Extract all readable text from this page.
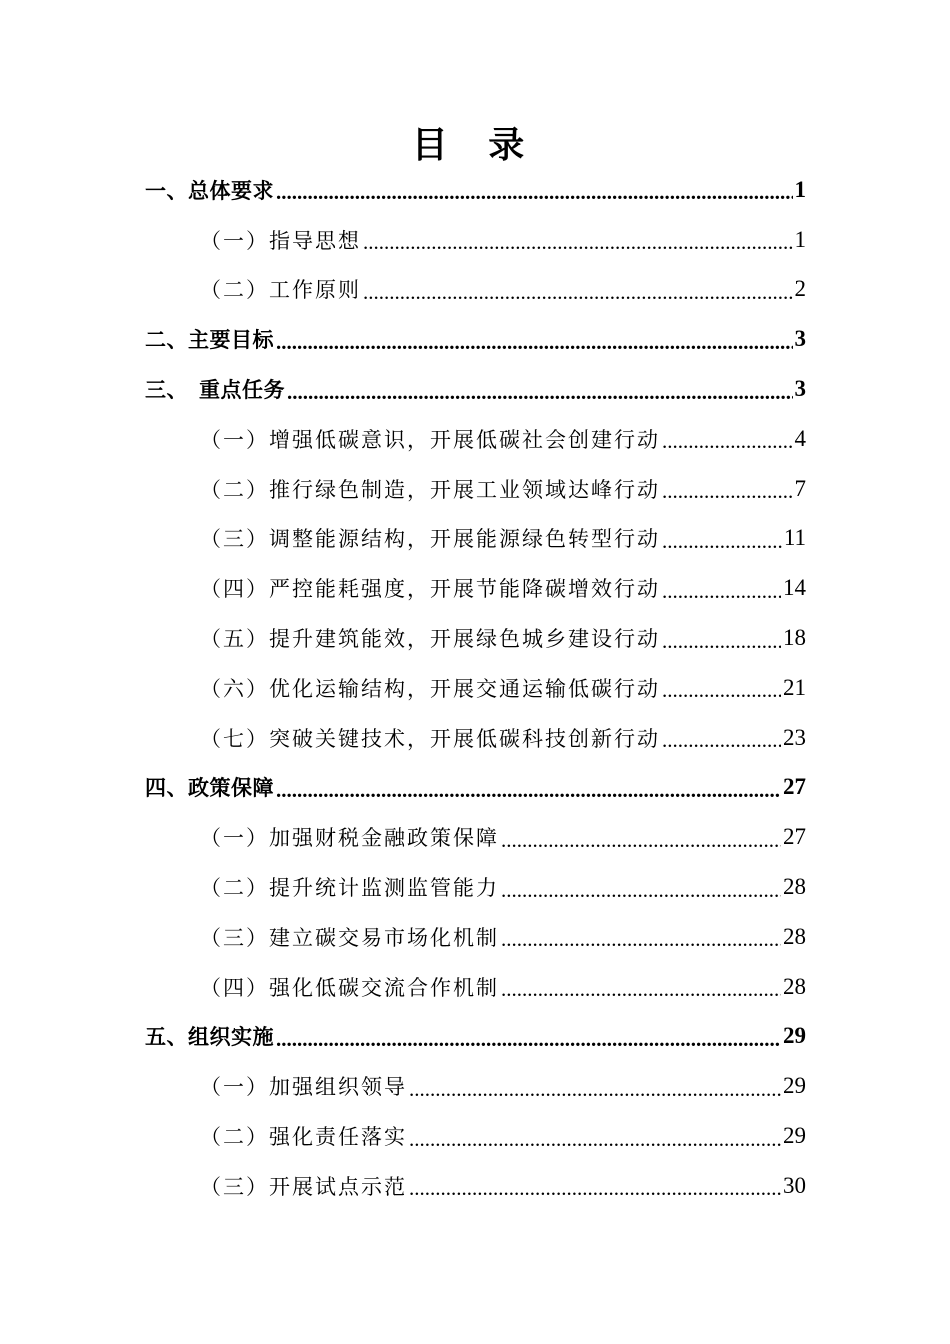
目 录
一、总体要求 .....	1
（一）指导思想 .....	1
（二）工作原则 .....	2
二、主要目标 .....	3
三、　重点任务 .....	3
（一）增强低碳意识，开展低碳社会创建行动 .....	4
（二）推行绿色制造，开展工业领域达峰行动 .....	7
（三）调整能源结构，开展能源绿色转型行动 .....	11
（四）严控能耗强度，开展节能降碳增效行动 .....	14
（五）提升建筑能效，开展绿色城乡建设行动 .....	18
（六）优化运输结构，开展交通运输低碳行动 .....	21
（七）突破关键技术，开展低碳科技创新行动 .....	23
四、政策保障 .....	27
（一）加强财税金融政策保障 .....	27
（二）提升统计监测监管能力 .....	28
（三）建立碳交易市场化机制 .....	28
（四）强化低碳交流合作机制 .....	28
五、组织实施 .....	29
（一）加强组织领导 .....	29
（二）强化责任落实 .....	29
（三）开展试点示范 .....	30
